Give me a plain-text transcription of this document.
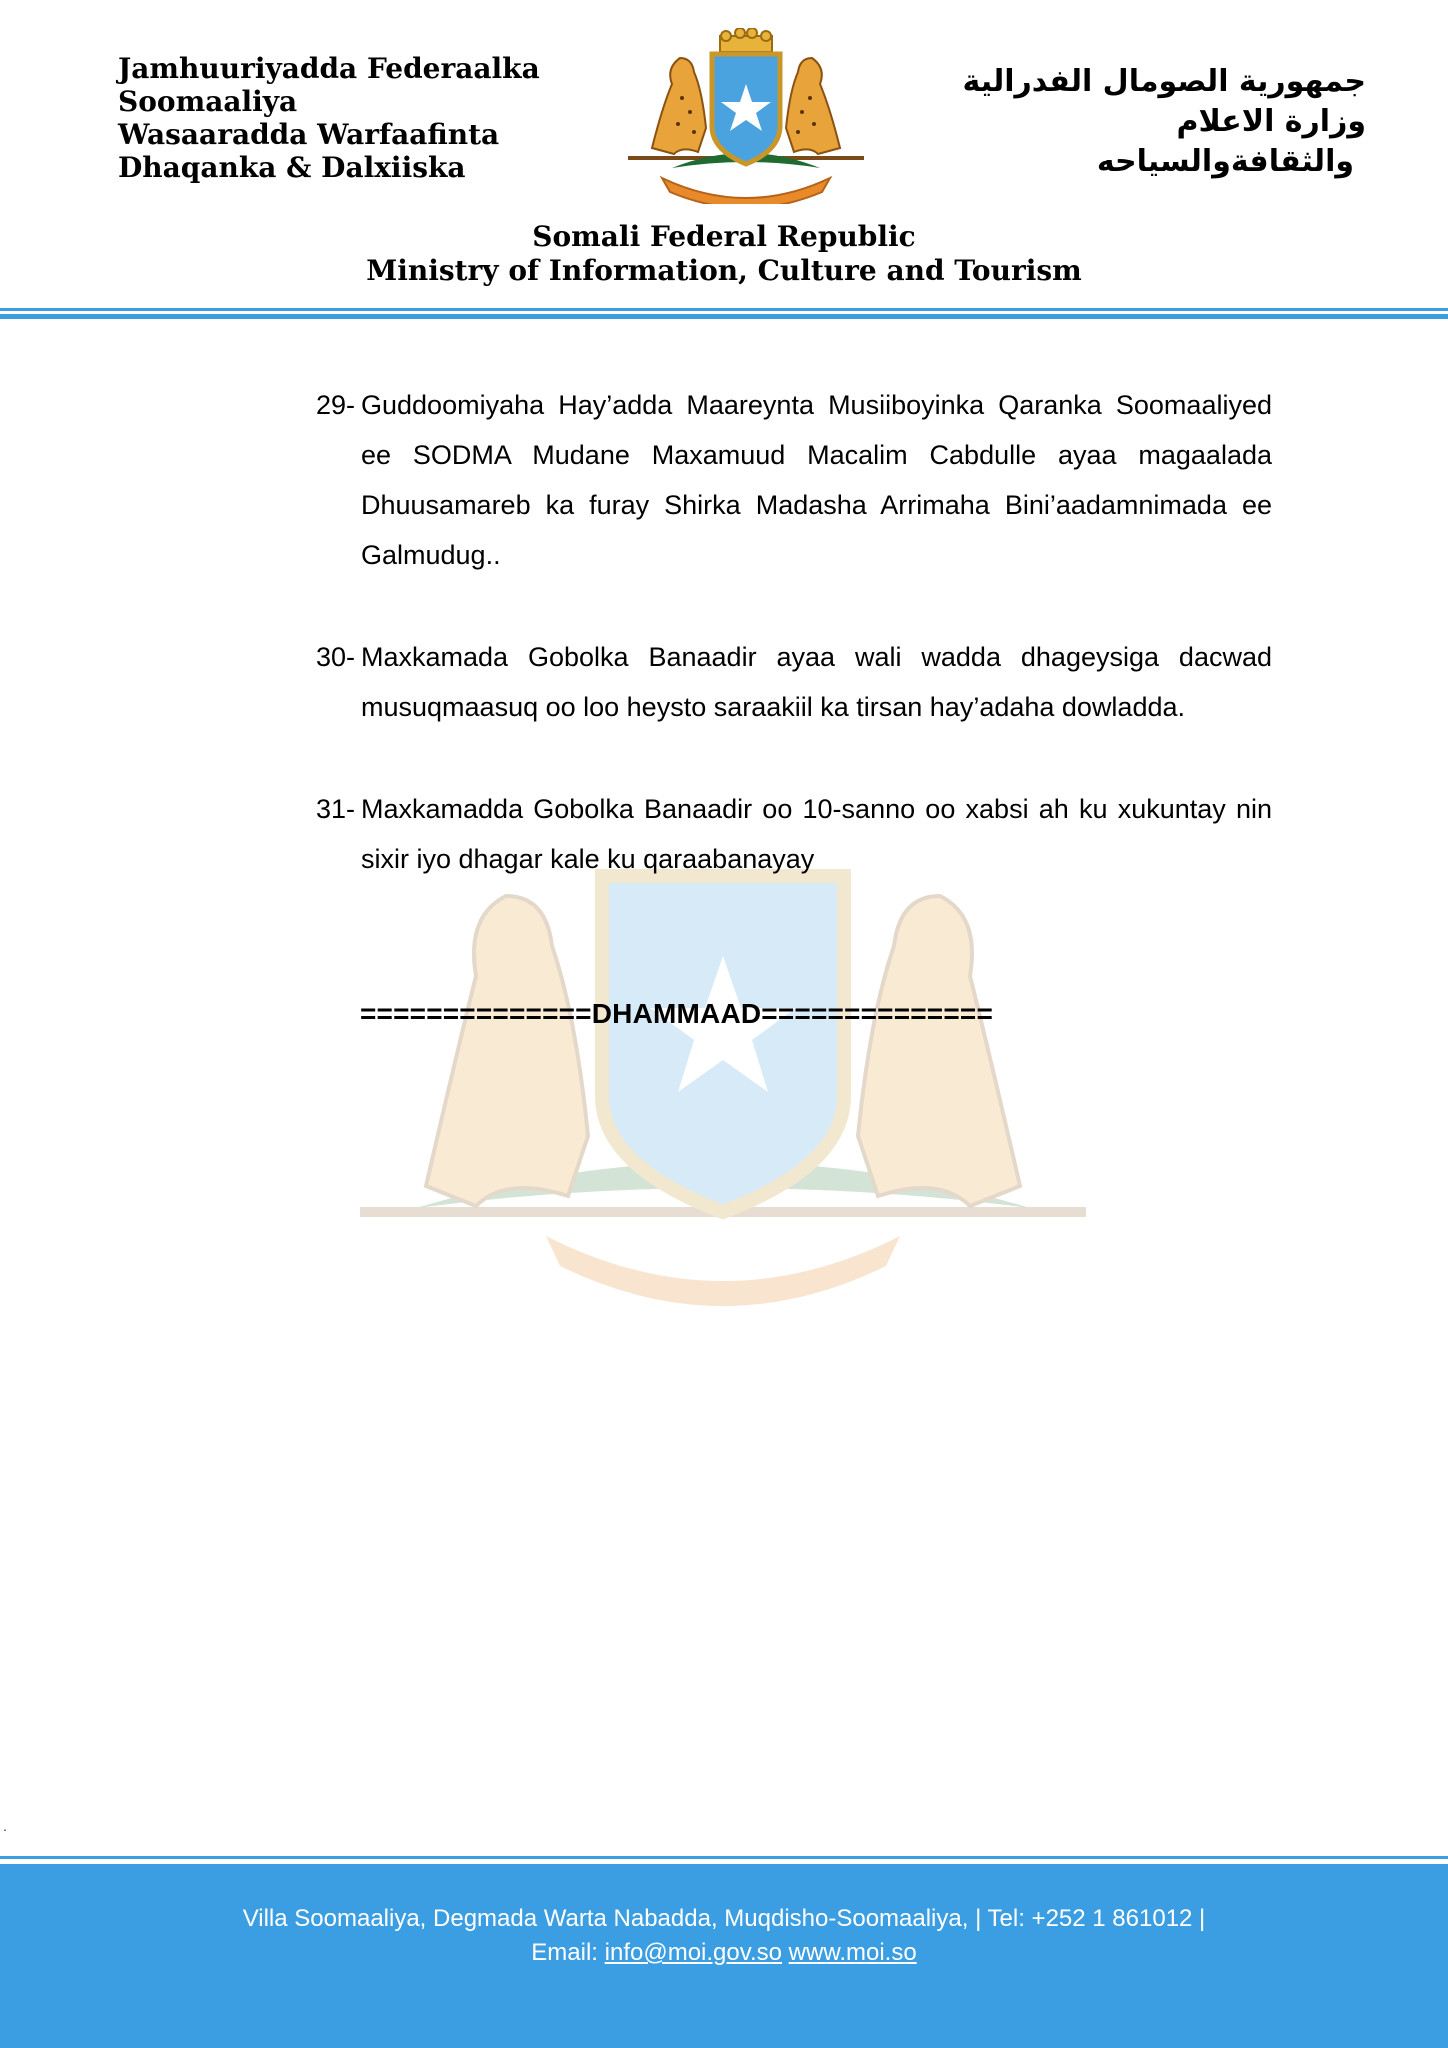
Jamhuuriyadda Federaalka
Soomaaliya
Wasaaradda Warfaafinta
Dhaqanka & Dalxiiska
جمهورية الصومال الفدرالية
وزارة الاعلام
والثقافةوالسياحه
Somali Federal Republic
Ministry of Information, Culture and Tourism
29- Guddoomiyaha Hay’adda Maareynta Musiiboyinka Qaranka Soomaaliyed ee SODMA Mudane Maxamuud Macalim Cabdulle ayaa magaalada Dhuusamareb ka furay Shirka Madasha Arrimaha Bini’aadamnimada ee Galmudug..
30- Maxkamada Gobolka Banaadir ayaa wali wadda dhageysiga dacwad musuqmaasuq oo loo heysto saraakiil ka tirsan hay’adaha dowladda.
31- Maxkamadda Gobolka Banaadir oo 10-sanno oo xabsi ah ku xukuntay nin sixir iyo dhagar kale ku qaraabanayay
==============DHAMMAAD==============
.
Villa Soomaaliya, Degmada Warta Nabadda, Muqdisho-Soomaaliya, | Tel: +252 1 861012 |
Email: info@moi.gov.so www.moi.so
